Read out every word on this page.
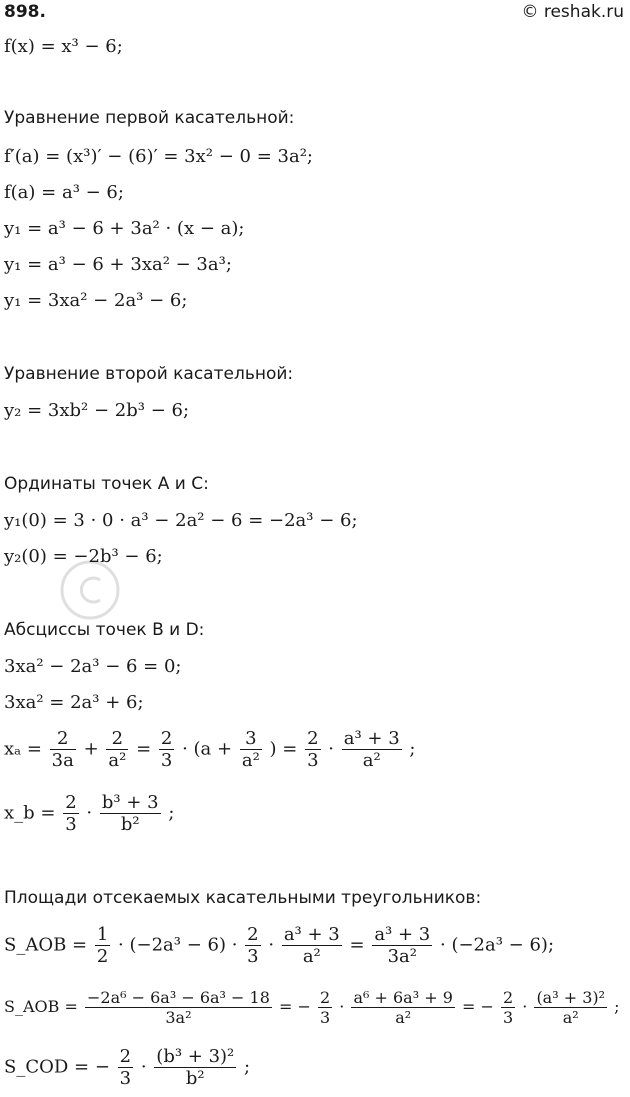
898.	© reshak.ru
f(x) = x³ − 6;
Уравнение первой касательной:
f′(a) = (x³)′ − (6)′ = 3x² − 0 = 3a²;
f(a) = a³ − 6;
y₁ = a³ − 6 + 3a² · (x − a);
y₁ = a³ − 6 + 3xa² − 3a³;
y₁ = 3xa² − 2a³ − 6;
Уравнение второй касательной:
y₂ = 3xb² − 2b³ − 6;
Ординаты точек A и C:
y₁(0) = 3 · 0 · a³ − 2a² − 6 = −2a³ − 6;
y₂(0) = −2b³ − 6;
Абсциссы точек B и D:
3xa² − 2a³ − 6 = 0;
3xa² = 2a³ + 6;
$x_a = \frac{2}{3a} + \frac{2}{\text{a²}} = \frac{2}{3} \cdot (a + \frac{3}{\text{a²}}$ ) = $\frac{2}{3} \cdot \frac{\text{a³ + 3}}{\text{a²}}$ ;
x_b = $\frac{2}{3} \cdot \frac{\text{b³ + 3}}{\text{b²}}$ ;
Площади отсекаемых касательными треугольников:
S_AOB = $\frac{1}{2} \cdot (-2a^3 - 6) \cdot \frac{2}{3} \cdot \frac{\text{a³ + 3}}{\text{a²}} = \frac{\text{a³ + 3}}{\text{3a²}} \cdot (-2a^3 - 6)$;
S_AOB = $\frac{\text{−2a⁶ − 6a³ − 6a³ − 18}}{\text{3a²}}$ = − $\frac{2}{3} \cdot \frac{\text{a⁶ + 6a³ + 9}}{\text{a²}}$ = − $\frac{2}{3} \cdot \frac{\text{(a³ + 3)²}}{\text{a²}}$ ;
S_COD = − $\frac{2}{3} \cdot \frac{\text{(b³ + 3)²}}{\text{b²}}$ ;
